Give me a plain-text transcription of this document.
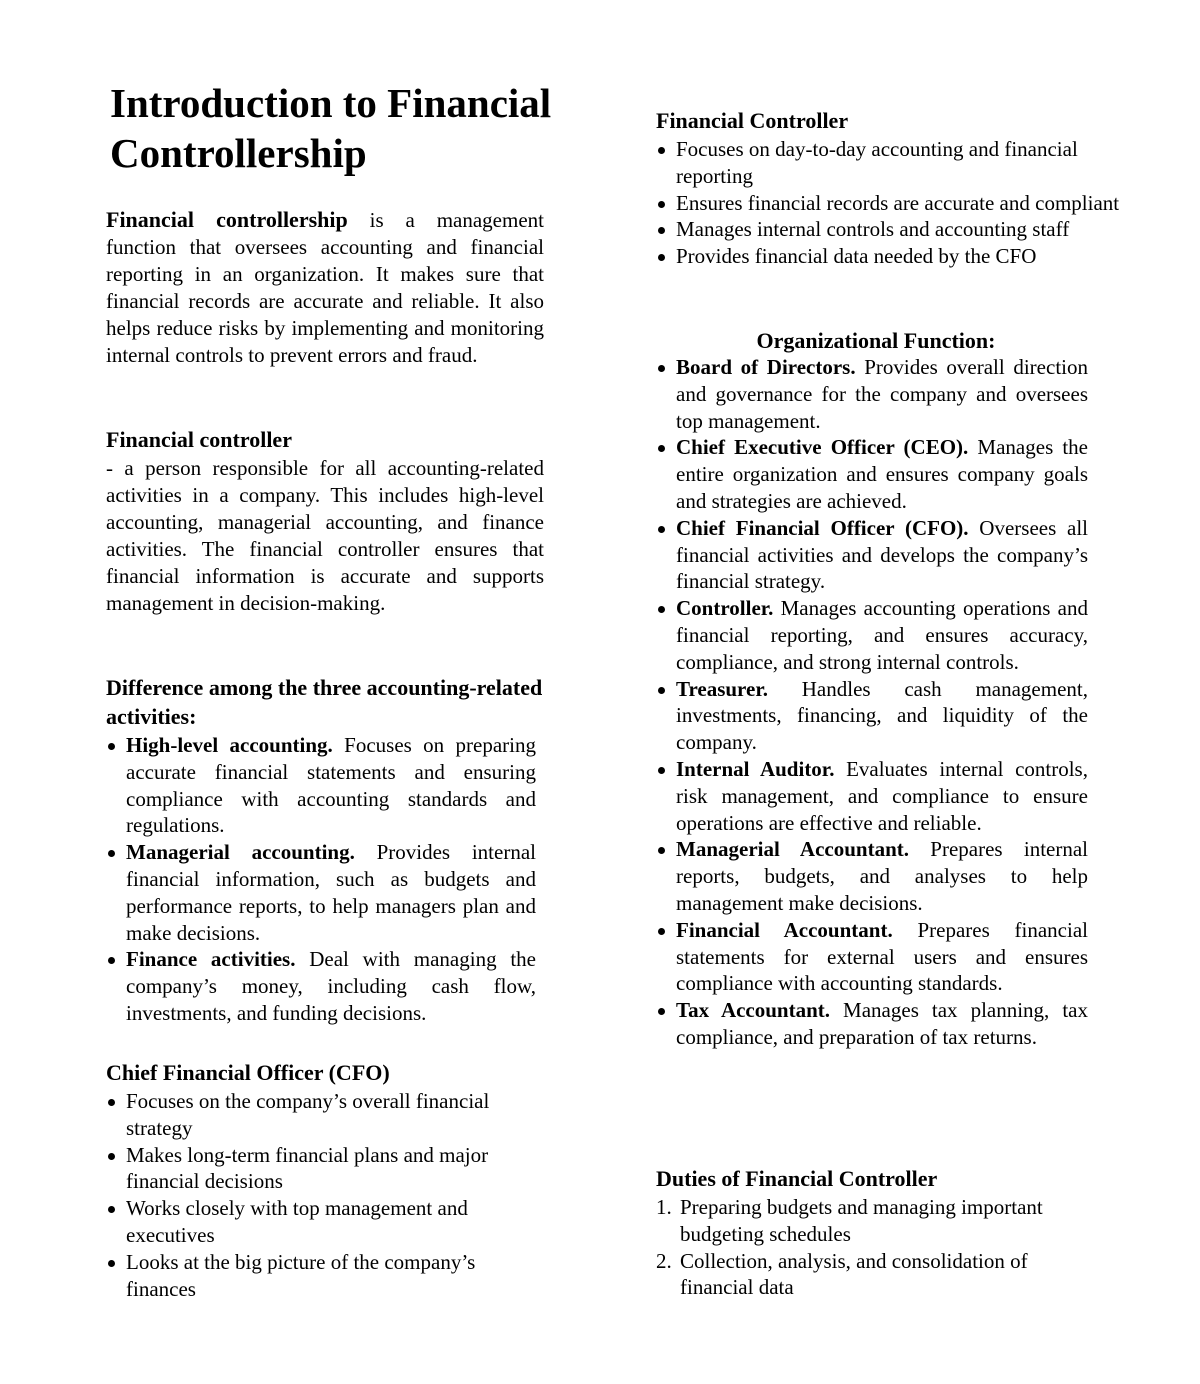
Introduction to Financial Controllership

Financial controllership is a management function that oversees accounting and financial reporting in an organization. It makes sure that financial records are accurate and reliable. It also helps reduce risks by implementing and monitoring internal controls to prevent errors and fraud.

Financial controller

- a person responsible for all accounting-related activities in a company. This includes high-level accounting, managerial accounting, and finance activities. The financial controller ensures that financial information is accurate and supports management in decision-making.

Difference among the three accounting-related activities:
High-level accounting. Focuses on preparing accurate financial statements and ensuring compliance with accounting standards and regulations.
Managerial accounting. Provides internal financial information, such as budgets and performance reports, to help managers plan and make decisions.
Finance activities. Deal with managing the company’s money, including cash flow, investments, and funding decisions.
Chief Financial Officer (CFO)
Focuses on the company’s overall financial strategy
Makes long-term financial plans and major financial decisions
Works closely with top management and executives
Looks at the big picture of the company’s finances
Financial Controller
Focuses on day-to-day accounting and financial reporting
Ensures financial records are accurate and compliant
Manages internal controls and accounting staff
Provides financial data needed by the CFO
Organizational Function:
Board of Directors. Provides overall direction and governance for the company and oversees top management.
Chief Executive Officer (CEO). Manages the entire organization and ensures company goals and strategies are achieved.
Chief Financial Officer (CFO). Oversees all financial activities and develops the company’s financial strategy.
Controller. Manages accounting operations and financial reporting, and ensures accuracy, compliance, and strong internal controls.
Treasurer. Handles cash management, investments, financing, and liquidity of the company.
Internal Auditor. Evaluates internal controls, risk management, and compliance to ensure operations are effective and reliable.
Managerial Accountant. Prepares internal reports, budgets, and analyses to help management make decisions.
Financial Accountant. Prepares financial statements for external users and ensures compliance with accounting standards.
Tax Accountant. Manages tax planning, tax compliance, and preparation of tax returns.
Duties of Financial Controller
1. Preparing budgets and managing important budgeting schedules
2. Collection, analysis, and consolidation of financial data
